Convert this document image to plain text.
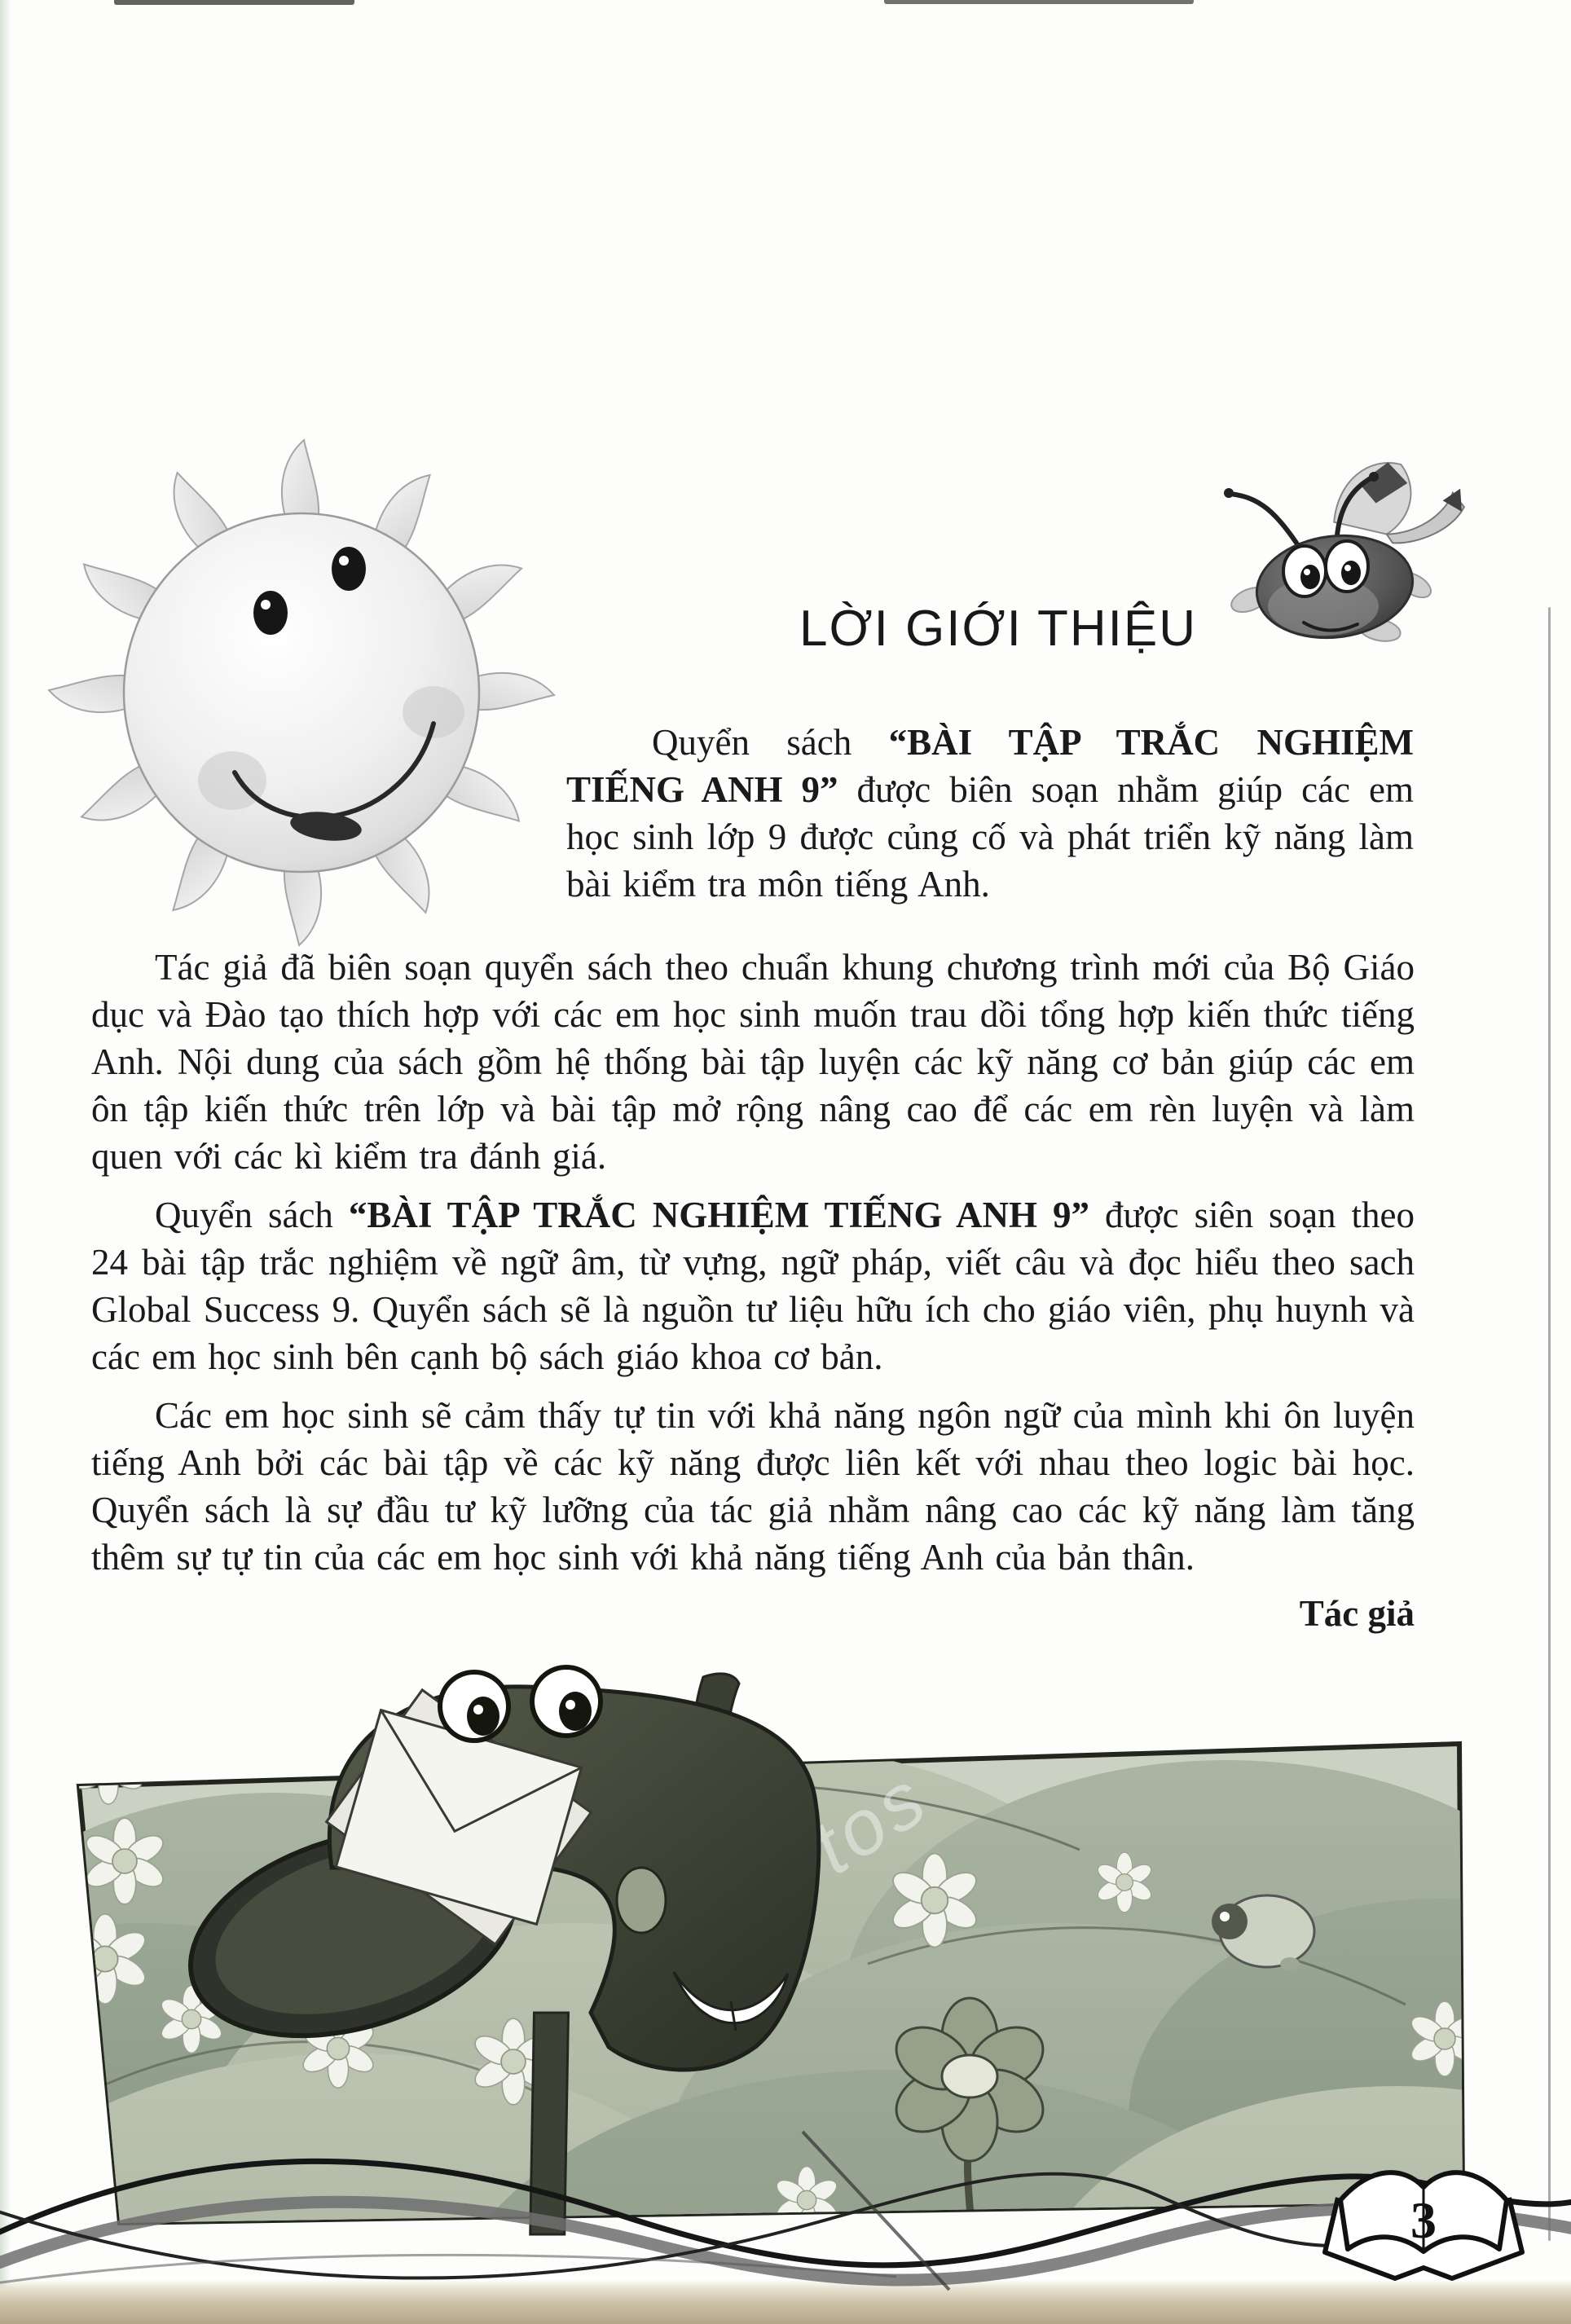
LỜI GIỚI THIỆU

Quyển sách “BÀI TẬP TRẮC NGHIỆM TIẾNG ANH 9” được biên soạn nhằm giúp các em học sinh lớp 9 được củng cố và phát triển kỹ năng làm bài kiểm tra môn tiếng Anh.

Tác giả đã biên soạn quyển sách theo chuẩn khung chương trình mới của Bộ Giáo dục và Đào tạo thích hợp với các em học sinh muốn trau dồi tổng hợp kiến thức tiếng Anh. Nội dung của sách gồm hệ thống bài tập luyện các kỹ năng cơ bản giúp các em ôn tập kiến thức trên lớp và bài tập mở rộng nâng cao để các em rèn luyện và làm quen với các kì kiểm tra đánh giá.

Quyển sách “BÀI TẬP TRẮC NGHIỆM TIẾNG ANH 9” được siên soạn theo 24 bài tập trắc nghiệm về ngữ âm, từ vựng, ngữ pháp, viết câu và đọc hiểu theo sach Global Success 9. Quyển sách sẽ là nguồn tư liệu hữu ích cho giáo viên, phụ huynh và các em học sinh bên cạnh bộ sách giáo khoa cơ bản.

Các em học sinh sẽ cảm thấy tự tin với khả năng ngôn ngữ của mình khi ôn luyện tiếng Anh bởi các bài tập về các kỹ năng được liên kết với nhau theo logic bài học. Quyển sách là sự đầu tư kỹ lưỡng của tác giả nhằm nâng cao các kỹ năng làm tăng thêm sự tự tin của các em học sinh với khả năng tiếng Anh của bản thân.

Tác giả
3
